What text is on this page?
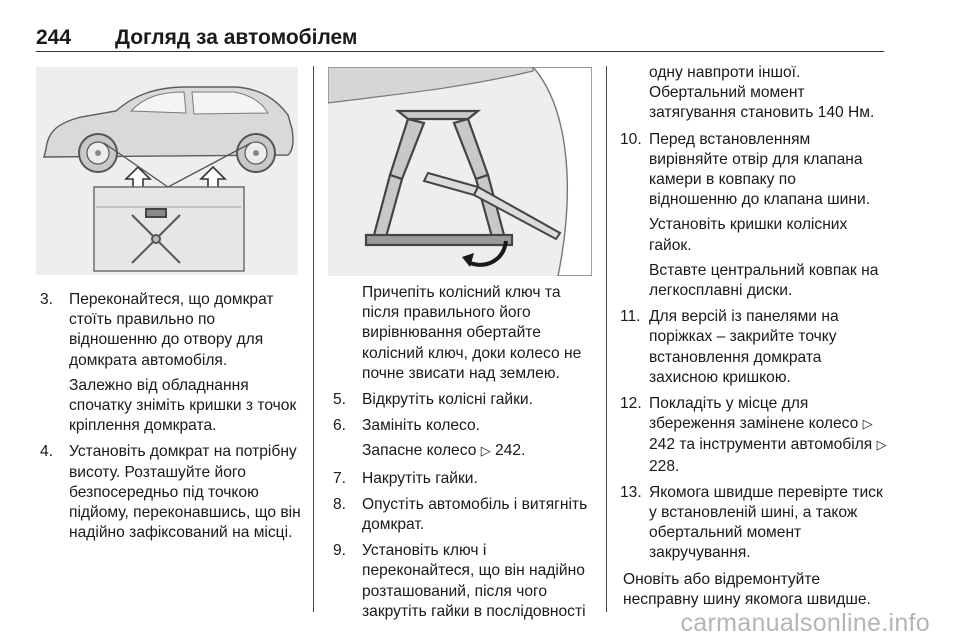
244 Догляд за автомобілем
3. Переконайтеся, що домкрат стоїть правильно по відношенню до отвору для домкрата автомобіля.
Залежно від обладнання спочатку зніміть кришки з точок кріплення домкрата.
4. Установіть домкрат на потрібну висоту. Розташуйте його безпосередньо під точкою підйому, переконавшись, що він надійно зафіксований на місці.
Причепіть колісний ключ та після правильного його вирівнювання обертайте колісний ключ, доки колесо не почне звисати над землею.
5. Відкрутіть колісні гайки.
6. Замініть колесо.
Запасне колесо ▷ 242.
7. Накрутіть гайки.
8. Опустіть автомобіль і витягніть домкрат.
9. Установіть ключ і переконайтеся, що він надійно розташований, після чого закрутіть гайки в послідовності
одну навпроти іншої. Обертальний момент затягування становить 140 Нм.
10. Перед встановленням вирівняйте отвір для клапана камери в ковпаку по відношенню до клапана шини.
Установіть кришки колісних гайок.
Вставте центральний ковпак на легкосплавні диски.
11. Для версій із панелями на поріжках – закрийте точку встановлення домкрата захисною кришкою.
12. Покладіть у місце для збереження замінене колесо ▷ 242 та інструменти автомобіля ▷ 228.
13. Якомога швидше перевірте тиск у встановленій шині, а також обертальний момент закручування.
Оновіть або відремонтуйте несправну шину якомога швидше.
carmanualsonline.info
